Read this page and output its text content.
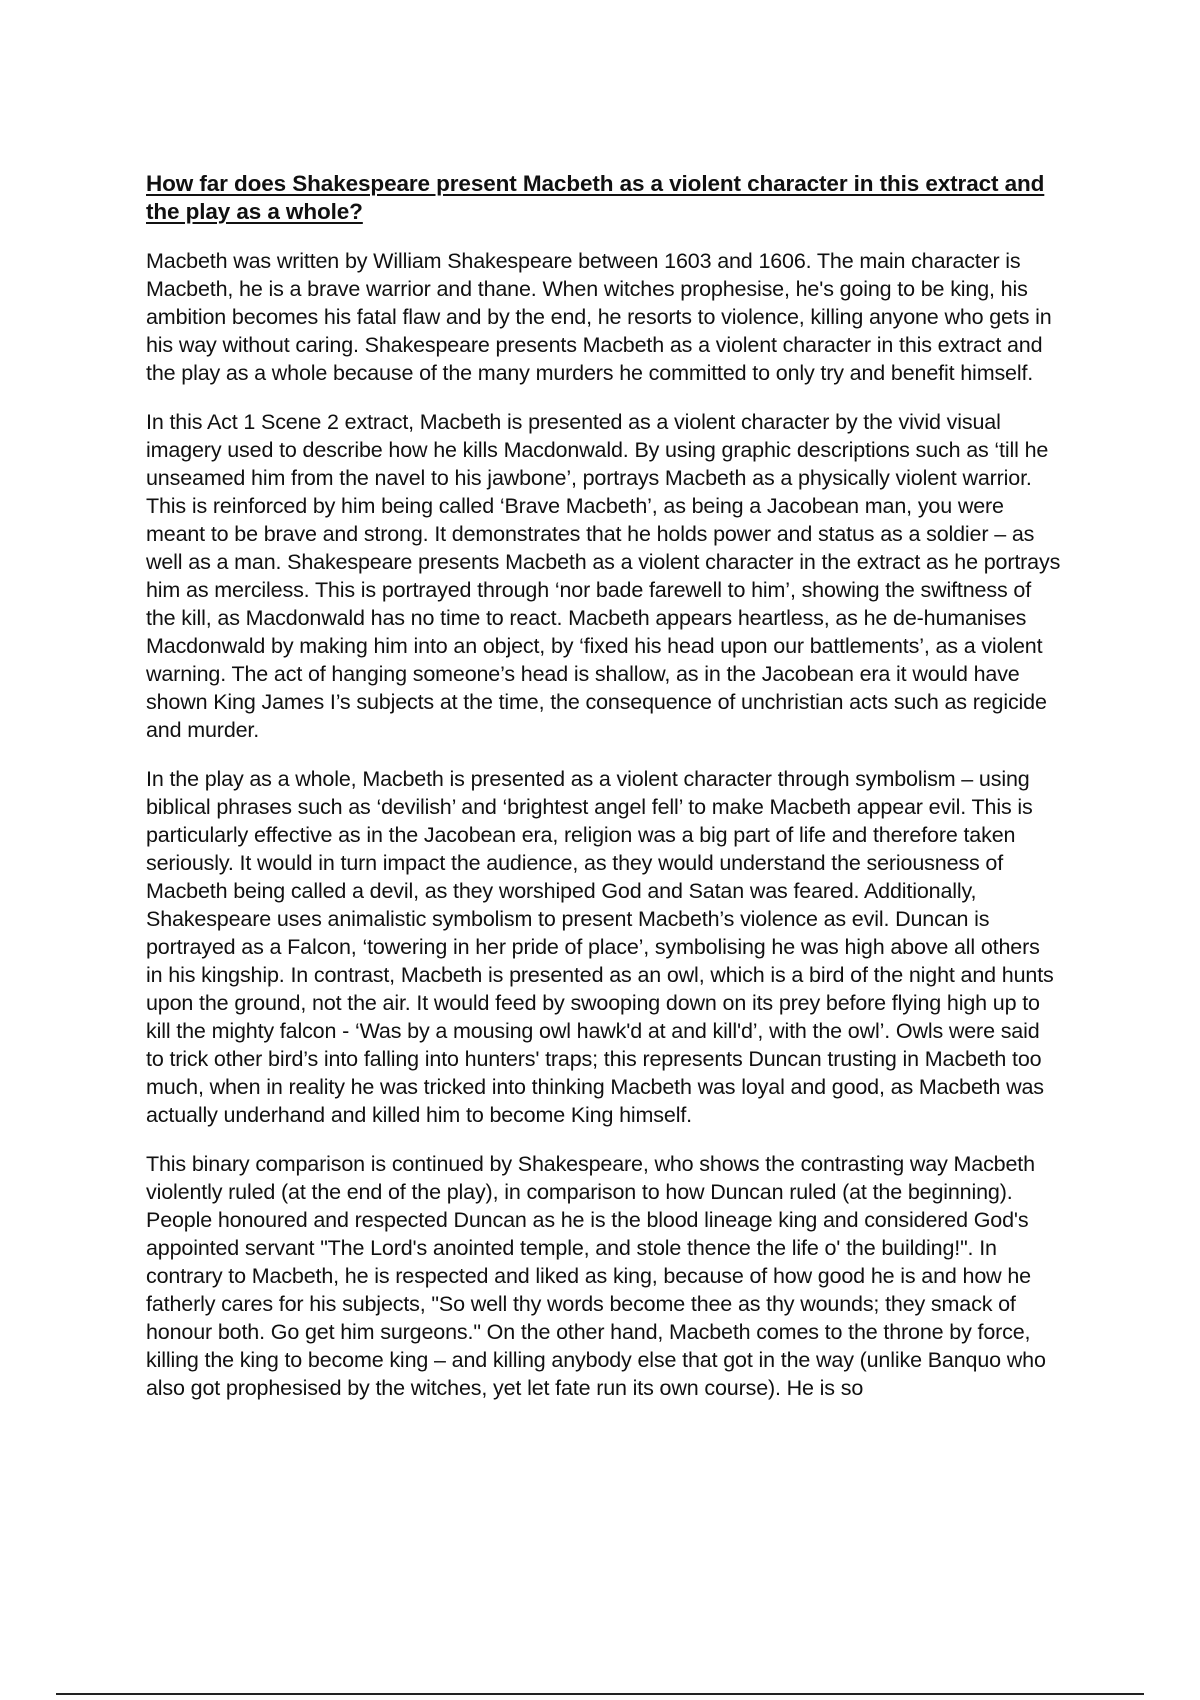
How far does Shakespeare present Macbeth as a violent character in this extract and the play as a whole?

Macbeth was written by William Shakespeare between 1603 and 1606. The main character is Macbeth, he is a brave warrior and thane. When witches prophesise, he's going to be king, his ambition becomes his fatal flaw and by the end, he resorts to violence, killing anyone who gets in his way without caring. Shakespeare presents Macbeth as a violent character in this extract and the play as a whole because of the many murders he committed to only try and benefit himself.

In this Act 1 Scene 2 extract, Macbeth is presented as a violent character by the vivid visual imagery used to describe how he kills Macdonwald. By using graphic descriptions such as ‘till he unseamed him from the navel to his jawbone’, portrays Macbeth as a physically violent warrior. This is reinforced by him being called ‘Brave Macbeth’, as being a Jacobean man, you were meant to be brave and strong. It demonstrates that he holds power and status as a soldier – as well as a man. Shakespeare presents Macbeth as a violent character in the extract as he portrays him as merciless. This is portrayed through ‘nor bade farewell to him’, showing the swiftness of the kill, as Macdonwald has no time to react. Macbeth appears heartless, as he de-humanises Macdonwald by making him into an object, by ‘fixed his head upon our battlements’, as a violent warning. The act of hanging someone’s head is shallow, as in the Jacobean era it would have shown King James I’s subjects at the time, the consequence of unchristian acts such as regicide and murder.

In the play as a whole, Macbeth is presented as a violent character through symbolism – using biblical phrases such as ‘devilish’ and ‘brightest angel fell’ to make Macbeth appear evil. This is particularly effective as in the Jacobean era, religion was a big part of life and therefore taken seriously. It would in turn impact the audience, as they would understand the seriousness of Macbeth being called a devil, as they worshiped God and Satan was feared. Additionally, Shakespeare uses animalistic symbolism to present Macbeth’s violence as evil. Duncan is portrayed as a Falcon, ‘towering in her pride of place’, symbolising he was high above all others in his kingship. In contrast, Macbeth is presented as an owl, which is a bird of the night and hunts upon the ground, not the air. It would feed by swooping down on its prey before flying high up to kill the mighty falcon - ‘Was by a mousing owl hawk'd at and kill'd’, with the owl’. Owls were said to trick other bird’s into falling into hunters' traps; this represents Duncan trusting in Macbeth too much, when in reality he was tricked into thinking Macbeth was loyal and good, as Macbeth was actually underhand and killed him to become King himself.

This binary comparison is continued by Shakespeare, who shows the contrasting way Macbeth violently ruled (at the end of the play), in comparison to how Duncan ruled (at the beginning). People honoured and respected Duncan as he is the blood lineage king and considered God's appointed servant "The Lord's anointed temple, and stole thence the life o' the building!". In contrary to Macbeth, he is respected and liked as king, because of how good he is and how he fatherly cares for his subjects, "So well thy words become thee as thy wounds; they smack of honour both. Go get him surgeons." On the other hand, Macbeth comes to the throne by force, killing the king to become king – and killing anybody else that got in the way (unlike Banquo who also got prophesised by the witches, yet let fate run its own course). He is so
